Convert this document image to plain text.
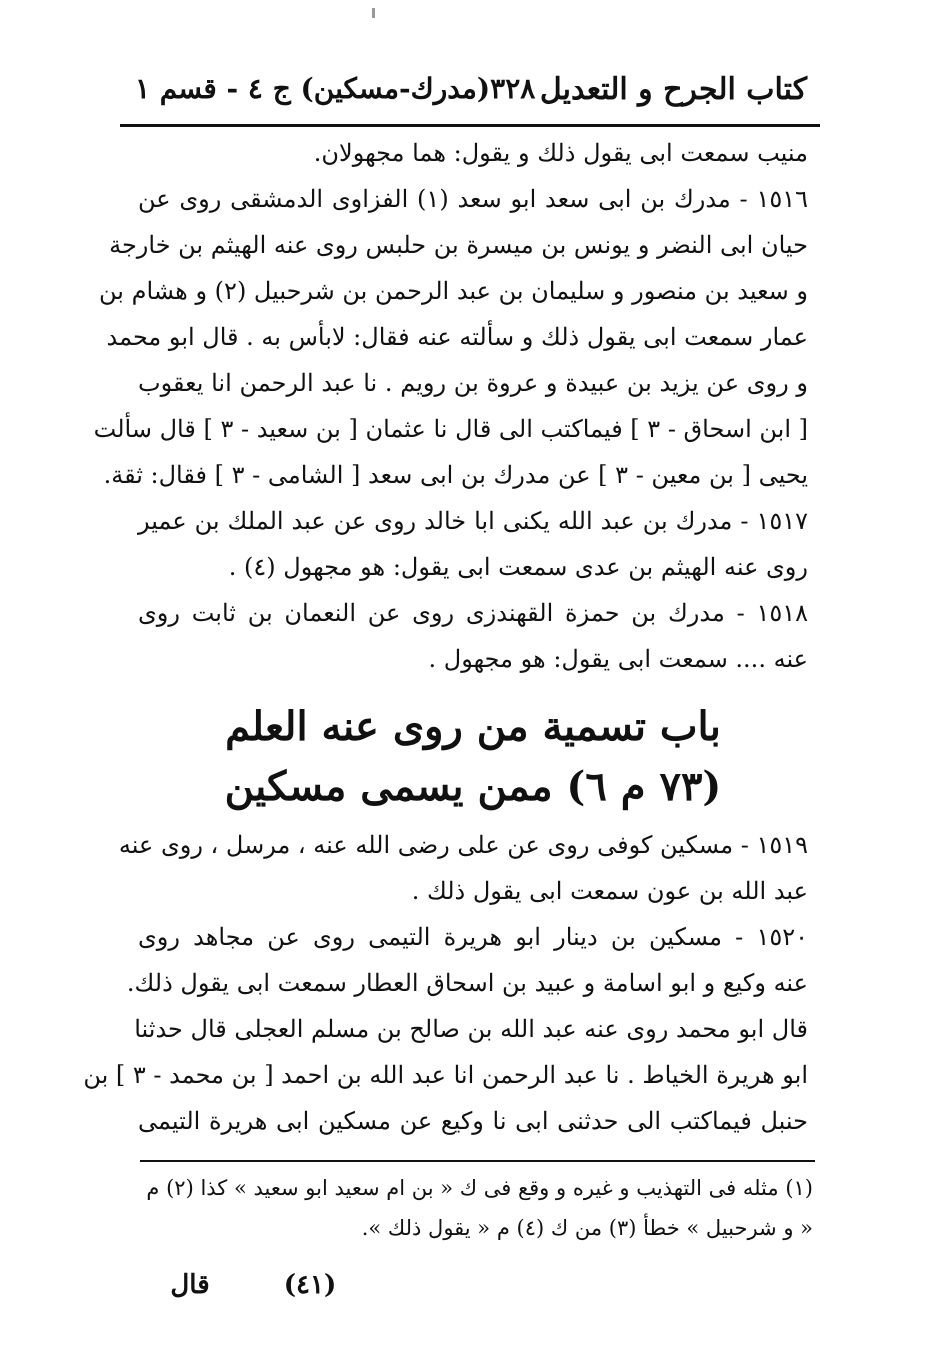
كتاب الجرح و التعديل
٣٢٨(مدرك-مسكين) ج ٤ - قسم ١
منيب سمعت ابى يقول ذلك و يقول: هما مجهولان.
١٥١٦ - مدرك بن ابى سعد ابو سعد (١) الفزاوى الدمشقى روى عن
حيان ابى النضر و يونس بن ميسرة بن حلبس روى عنه الهيثم بن خارجة
و سعيد بن منصور و سليمان بن عبد الرحمن بن شرحبيل (٢) و هشام بن
عمار سمعت ابى يقول ذلك و سألته عنه فقال: لابأس به . قال ابو محمد
و روى عن يزيد بن عبيدة و عروة بن رويم . نا عبد الرحمن انا يعقوب
[ ابن اسحاق - ٣ ] فيماكتب الى قال نا عثمان [ بن سعيد - ٣ ] قال سألت
يحيى [ بن معين - ٣ ] عن مدرك بن ابى سعد [ الشامى - ٣ ] فقال: ثقة.
١٥١٧ - مدرك بن عبد الله يكنى ابا خالد روى عن عبد الملك بن عمير
روى عنه الهيثم بن عدى سمعت ابى يقول: هو مجهول (٤) .
١٥١٨ - مدرك بن حمزة القهندزى روى عن النعمان بن ثابت روى
عنه .... سمعت ابى يقول: هو مجهول .
باب تسمية من روى عنه العلم
(٧٣ م ٦) ممن يسمى مسكين
١٥١٩ - مسكين كوفى روى عن على رضى الله عنه ، مرسل ، روى عنه
عبد الله بن عون سمعت ابى يقول ذلك .
١٥٢٠ - مسكين بن دينار ابو هريرة التيمى روى عن مجاهد روى
عنه وكيع و ابو اسامة و عبيد بن اسحاق العطار سمعت ابى يقول ذلك.
قال ابو محمد روى عنه عبد الله بن صالح بن مسلم العجلى قال حدثنا
ابو هريرة الخياط . نا عبد الرحمن انا عبد الله بن احمد [ بن محمد - ٣ ] بن
حنبل فيماكتب الى حدثنى ابى نا وكيع عن مسكين ابى هريرة التيمى
(١) مثله فى التهذيب و غيره و وقع فى ك « بن ام سعيد ابو سعيد » كذا (٢) م
« و شرحبيل » خطأ (٣) من ك (٤) م « يقول ذلك ».
(٤١)
قال
